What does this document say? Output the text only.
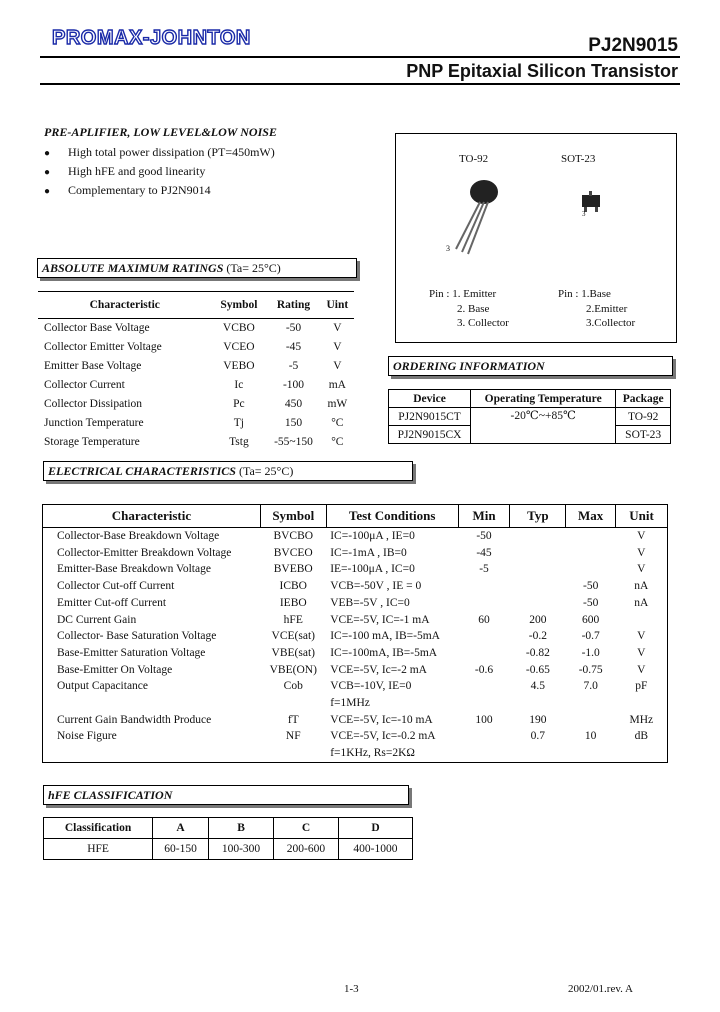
PROMAX-JOHNTON	PJ2N9015
PNP Epitaxial Silicon Transistor
PRE-APLIFIER, LOW LEVEL&LOW NOISE
● High total power dissipation (PT=450mW)
● High hFE and good linearity
● Complementary to PJ2N9014
TO-92	SOT-23
3
3
Pin : 1. Emitter
2. Base
3. Collector
Pin : 1.Base
2.Emitter
3.Collector
ABSOLUTE MAXIMUM RATINGS (Ta= 25°C)
Characteristic	Symbol	Rating	Uint
Collector Base Voltage	VCBO	-50	V
Collector Emitter Voltage	VCEO	-45	V
Emitter Base Voltage	VEBO	-5	V
Collector Current	Ic	-100	mA
Collector Dissipation	Pc	450	mW
Junction Temperature	Tj	150	°C
Storage Temperature	Tstg	-55~150	°C
ORDERING INFORMATION
Device	Operating Temperature	Package
PJ2N9015CT	-20℃~+85℃	TO-92
PJ2N9015CX		SOT-23
ELECTRICAL CHARACTERISTICS (Ta= 25°C)
Characteristic	Symbol	Test Conditions	Min	Typ	Max	Unit
Collector-Base Breakdown Voltage	BVCBO	IC=-100μA , IE=0	-50			V
Collector-Emitter Breakdown Voltage	BVCEO	IC=-1mA , IB=0	-45			V
Emitter-Base Breakdown Voltage	BVEBO	IE=-100μA , IC=0	-5			V
Collector Cut-off Current	ICBO	VCB=-50V , IE = 0			-50	nA
Emitter Cut-off Current	IEBO	VEB=-5V , IC=0			-50	nA
DC Current Gain	hFE	VCE=-5V, IC=-1 mA	60	200	600	
Collector- Base Saturation Voltage	VCE(sat)	IC=-100 mA, IB=-5mA		-0.2	-0.7	V
Base-Emitter Saturation Voltage	VBE(sat)	IC=-100mA, IB=-5mA		-0.82	-1.0	V
Base-Emitter On Voltage	VBE(ON)	VCE=-5V, Ic=-2 mA	-0.6	-0.65	-0.75	V
Output Capacitance	Cob	VCB=-10V, IE=0		4.5	7.0	pF
		f=1MHz				
Current Gain Bandwidth Produce	fT	VCE=-5V, Ic=-10 mA	100	190		MHz
Noise Figure	NF	VCE=-5V, Ic=-0.2 mA		0.7	10	dB
		f=1KHz, Rs=2KΩ				
hFE CLASSIFICATION
Classification	A	B	C	D
HFE	60-150	100-300	200-600	400-1000
1-3	2002/01.rev. A
